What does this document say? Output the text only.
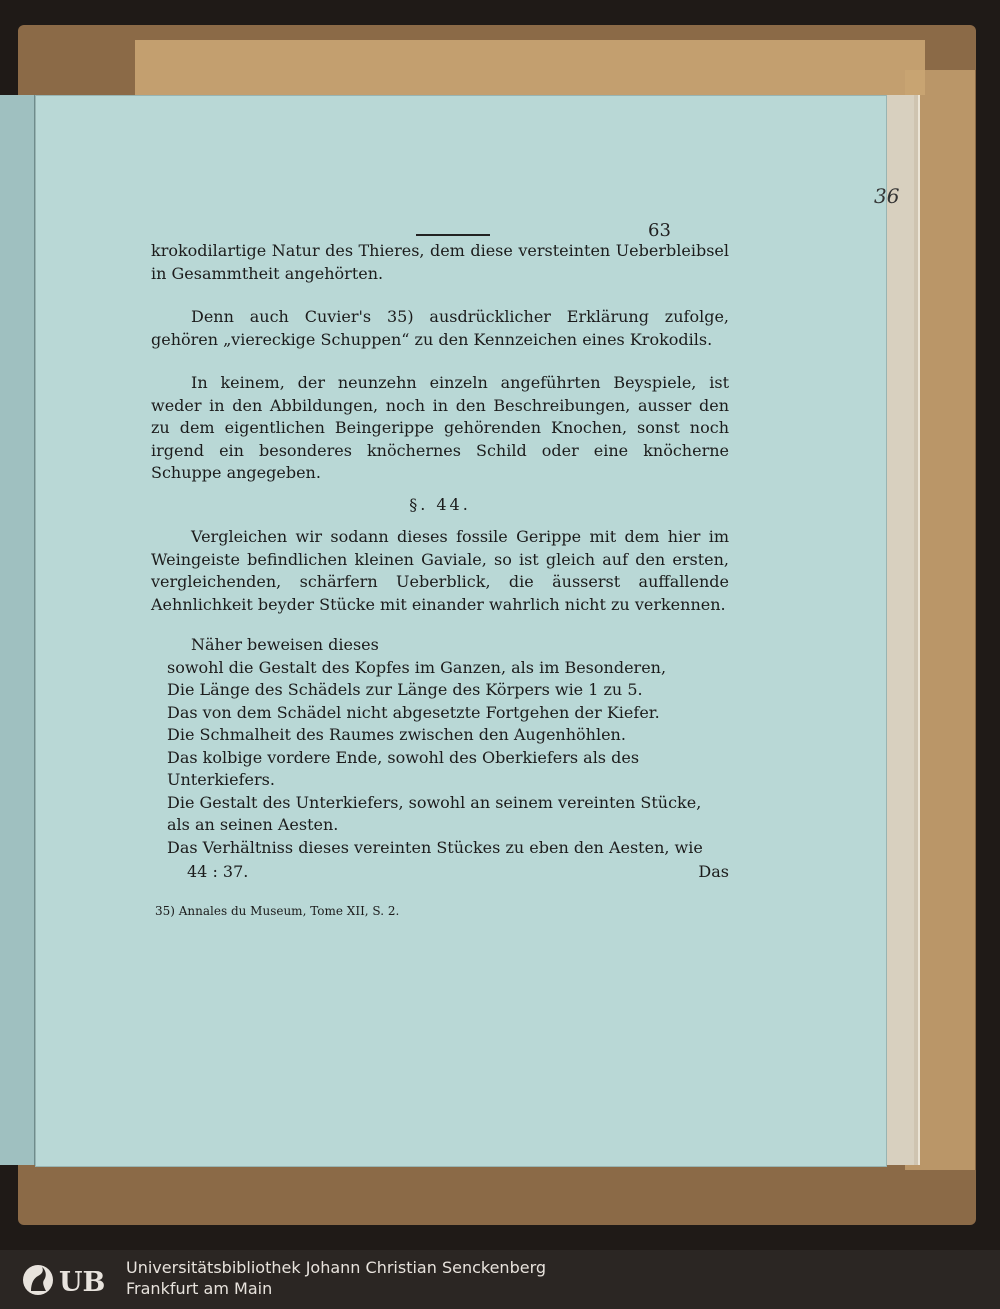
36
63

krokodilartige Natur des Thieres, dem diese versteinten Ueberbleibsel in Gesammtheit angehörten.

Denn auch Cuvier's 35) ausdrücklicher Erklärung zufolge, gehören „viereckige Schuppen“ zu den Kennzeichen eines Krokodils.

In keinem, der neunzehn einzeln angeführten Beyspiele, ist weder in den Abbildungen, noch in den Beschreibungen, ausser den zu dem eigentlichen Beingerippe gehörenden Knochen, sonst noch irgend ein besonderes knöchernes Schild oder eine knöcherne Schuppe angegeben.

§. 44.

Vergleichen wir sodann dieses fossile Gerippe mit dem hier im Weingeiste befindlichen kleinen Gaviale, so ist gleich auf den ersten, vergleichenden, schärfern Ueberblick, die äusserst auffallende Aehnlichkeit beyder Stücke mit einander wahrlich nicht zu verkennen.

Näher beweisen dieses
sowohl die Gestalt des Kopfes im Ganzen, als im Besonderen,
Die Länge des Schädels zur Länge des Körpers wie 1 zu 5.
Das von dem Schädel nicht abgesetzte Fortgehen der Kiefer.
Die Schmalheit des Raumes zwischen den Augenhöhlen.
Das kolbige vordere Ende, sowohl des Oberkiefers als des Unterkiefers.
Die Gestalt des Unterkiefers, sowohl an seinem vereinten Stücke, als an seinen Aesten.
Das Verhältniss dieses vereinten Stückes zu eben den Aesten, wie
44 : 37.	Das
35) Annales du Museum, Tome XII, S. 2.
UB Universitätsbibliothek Johann Christian Senckenberg
Frankfurt am Main
